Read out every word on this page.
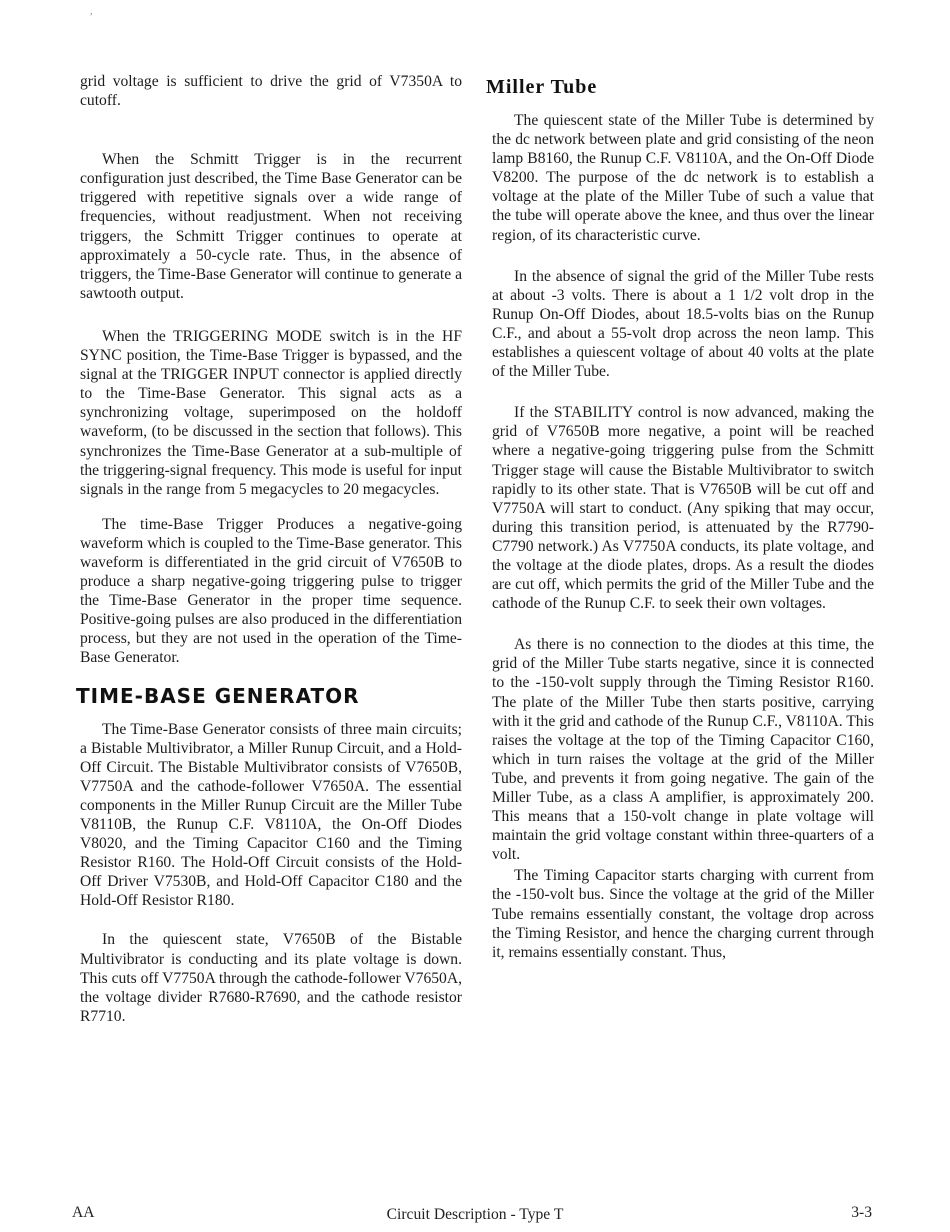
,

grid voltage is sufficient to drive the grid of V7350A to cutoff.

When the Schmitt Trigger is in the recurrent configuration just described, the Time Base Generator can be triggered with repetitive signals over a wide range of frequencies, without readjustment. When not receiving triggers, the Schmitt Trigger continues to operate at approximately a 50-cycle rate. Thus, in the absence of triggers, the Time-Base Generator will continue to generate a sawtooth output.

When the TRIGGERING MODE switch is in the HF SYNC position, the Time-Base Trigger is bypassed, and the signal at the TRIGGER INPUT connector is applied directly to the Time-Base Generator. This signal acts as a synchronizing voltage, superimposed on the holdoff waveform, (to be discussed in the section that follows). This synchronizes the Time-Base Generator at a sub-multiple of the triggering-signal frequency. This mode is useful for input signals in the range from 5 megacycles to 20 megacycles.

The time-Base Trigger Produces a negative-going waveform which is coupled to the Time-Base generator. This waveform is differentiated in the grid circuit of V7650B to produce a sharp negative-going triggering pulse to trigger the Time-Base Generator in the proper time sequence. Positive-going pulses are also produced in the differentiation process, but they are not used in the operation of the Time-Base Generator.

TIME-BASE GENERATOR

The Time-Base Generator consists of three main circuits; a Bistable Multivibrator, a Miller Runup Circuit, and a Hold-Off Circuit. The Bistable Multivibrator consists of V7650B, V7750A and the cathode-follower V7650A. The essential components in the Miller Runup Circuit are the Miller Tube V8110B, the Runup C.F. V8110A, the On-Off Diodes V8020, and the Timing Capacitor C160 and the Timing Resistor R160. The Hold-Off Circuit consists of the Hold-Off Driver V7530B, and Hold-Off Capacitor C180 and the Hold-Off Resistor R180.

In the quiescent state, V7650B of the Bistable Multivibrator is conducting and its plate voltage is down. This cuts off V7750A through the cathode-follower V7650A, the voltage divider R7680-R7690, and the cathode resistor R7710.

Miller Tube

The quiescent state of the Miller Tube is determined by the dc network between plate and grid consisting of the neon lamp B8160, the Runup C.F. V8110A, and the On-Off Diode V8200. The purpose of the dc network is to establish a voltage at the plate of the Miller Tube of such a value that the tube will operate above the knee, and thus over the linear region, of its characteristic curve.

In the absence of signal the grid of the Miller Tube rests at about -3 volts. There is about a 1 1/2 volt drop in the Runup On-Off Diodes, about 18.5-volts bias on the Runup C.F., and about a 55-volt drop across the neon lamp. This establishes a quiescent voltage of about 40 volts at the plate of the Miller Tube.

If the STABILITY control is now advanced, making the grid of V7650B more negative, a point will be reached where a negative-going triggering pulse from the Schmitt Trigger stage will cause the Bistable Multivibrator to switch rapidly to its other state. That is V7650B will be cut off and V7750A will start to conduct. (Any spiking that may occur, during this transition period, is attenuated by the R7790-C7790 network.) As V7750A conducts, its plate voltage, and the voltage at the diode plates, drops. As a result the diodes are cut off, which permits the grid of the Miller Tube and the cathode of the Runup C.F. to seek their own voltages.

As there is no connection to the diodes at this time, the grid of the Miller Tube starts negative, since it is connected to the -150-volt supply through the Timing Resistor R160. The plate of the Miller Tube then starts positive, carrying with it the grid and cathode of the Runup C.F., V8110A. This raises the voltage at the top of the Timing Capacitor C160, which in turn raises the voltage at the grid of the Miller Tube, and prevents it from going negative. The gain of the Miller Tube, as a class A amplifier, is approximately 200. This means that a 150-volt change in plate voltage will maintain the grid voltage constant within three-quarters of a volt.

The Timing Capacitor starts charging with current from the -150-volt bus. Since the voltage at the grid of the Miller Tube remains essentially constant, the voltage drop across the Timing Resistor, and hence the charging current through it, remains essentially constant. Thus,

AA	Circuit Description - Type T	3-3
